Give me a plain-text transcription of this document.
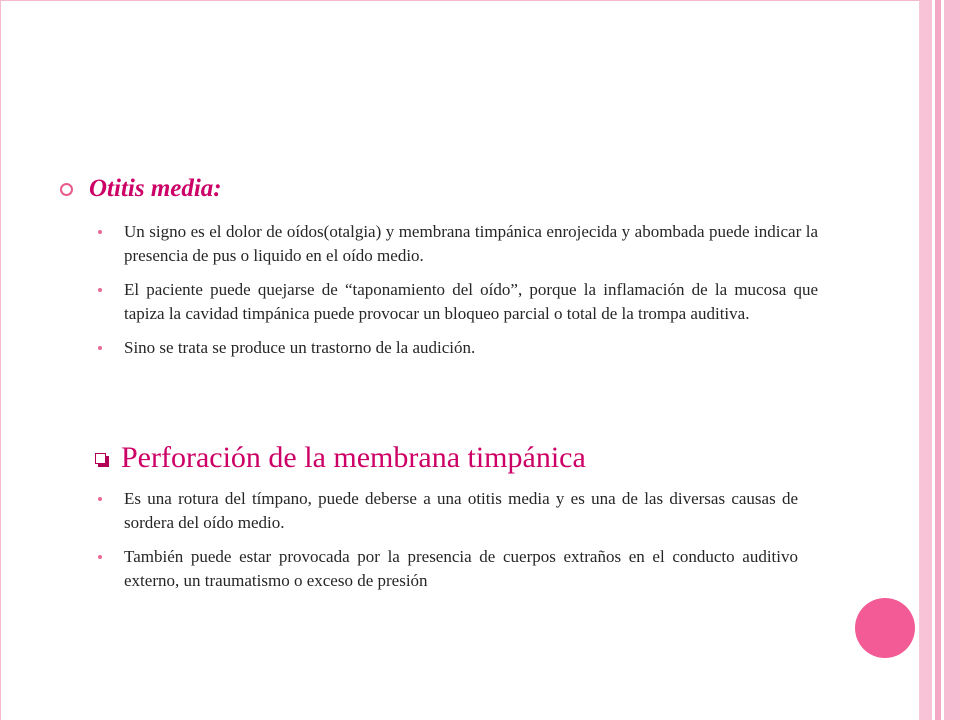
Otitis media:
Un signo es el dolor de oídos(otalgia) y membrana timpánica enrojecida y abombada puede indicar la presencia de pus o liquido en el oído medio.
El paciente puede quejarse de “taponamiento del oído”, porque la inflamación de la mucosa que tapiza la cavidad timpánica puede provocar un bloqueo parcial o total de la trompa auditiva.
Sino se trata se produce un trastorno de la audición.
Perforación de la membrana timpánica
Es una rotura del tímpano, puede deberse a una otitis media y es una de las diversas causas de sordera del oído medio.
También puede estar provocada por la presencia de cuerpos extraños en el conducto auditivo externo, un traumatismo o exceso de presión
